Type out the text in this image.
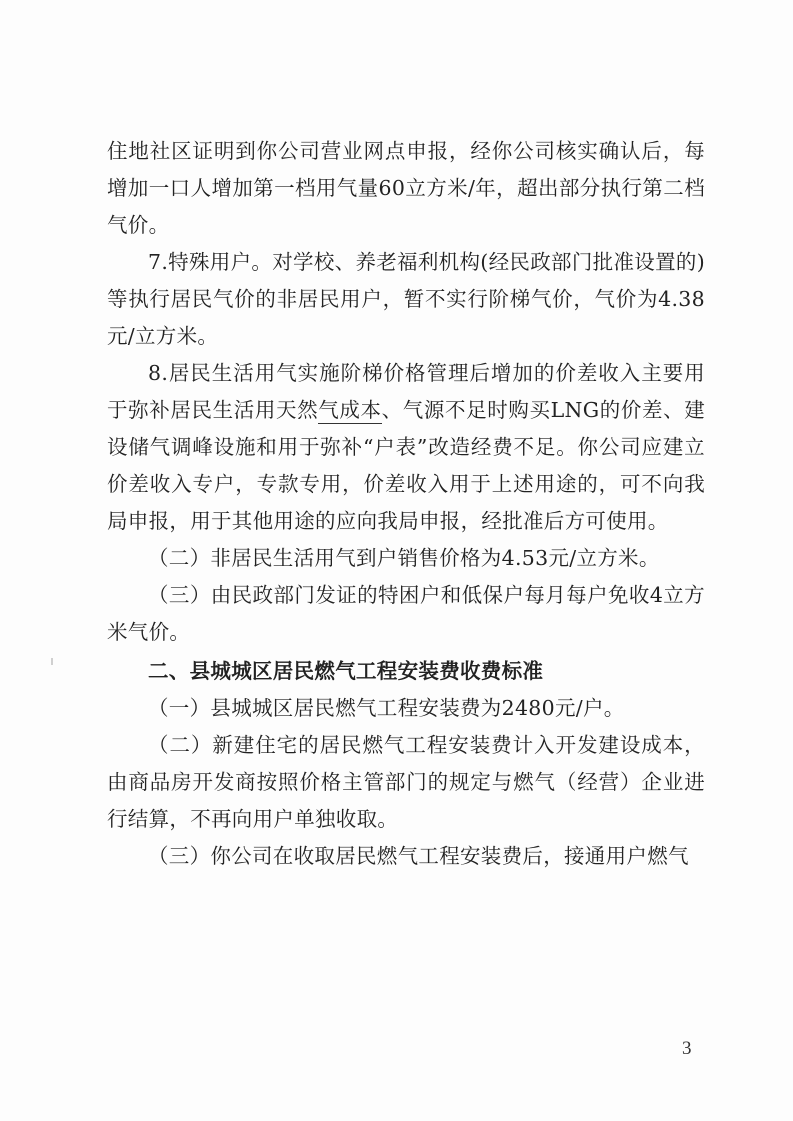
住地社区证明到你公司营业网点申报，经你公司核实确认后，每增加一口人增加第一档用气量60立方米/年，超出部分执行第二档气价。

7.特殊用户。对学校、养老福利机构(经民政部门批准设置的)等执行居民气价的非居民用户，暂不实行阶梯气价，气价为4.38元/立方米。

8.居民生活用气实施阶梯价格管理后增加的价差收入主要用于弥补居民生活用天然气成本、气源不足时购买LNG的价差、建设储气调峰设施和用于弥补“户表”改造经费不足。你公司应建立价差收入专户，专款专用，价差收入用于上述用途的，可不向我局申报，用于其他用途的应向我局申报，经批准后方可使用。

（二）非居民生活用气到户销售价格为4.53元/立方米。

（三）由民政部门发证的特困户和低保户每月每户免收4立方米气价。

二、县城城区居民燃气工程安装费收费标准

（一）县城城区居民燃气工程安装费为2480元/户。

（二）新建住宅的居民燃气工程安装费计入开发建设成本，由商品房开发商按照价格主管部门的规定与燃气（经营）企业进行结算，不再向用户单独收取。

（三）你公司在收取居民燃气工程安装费后，接通用户燃气

3
